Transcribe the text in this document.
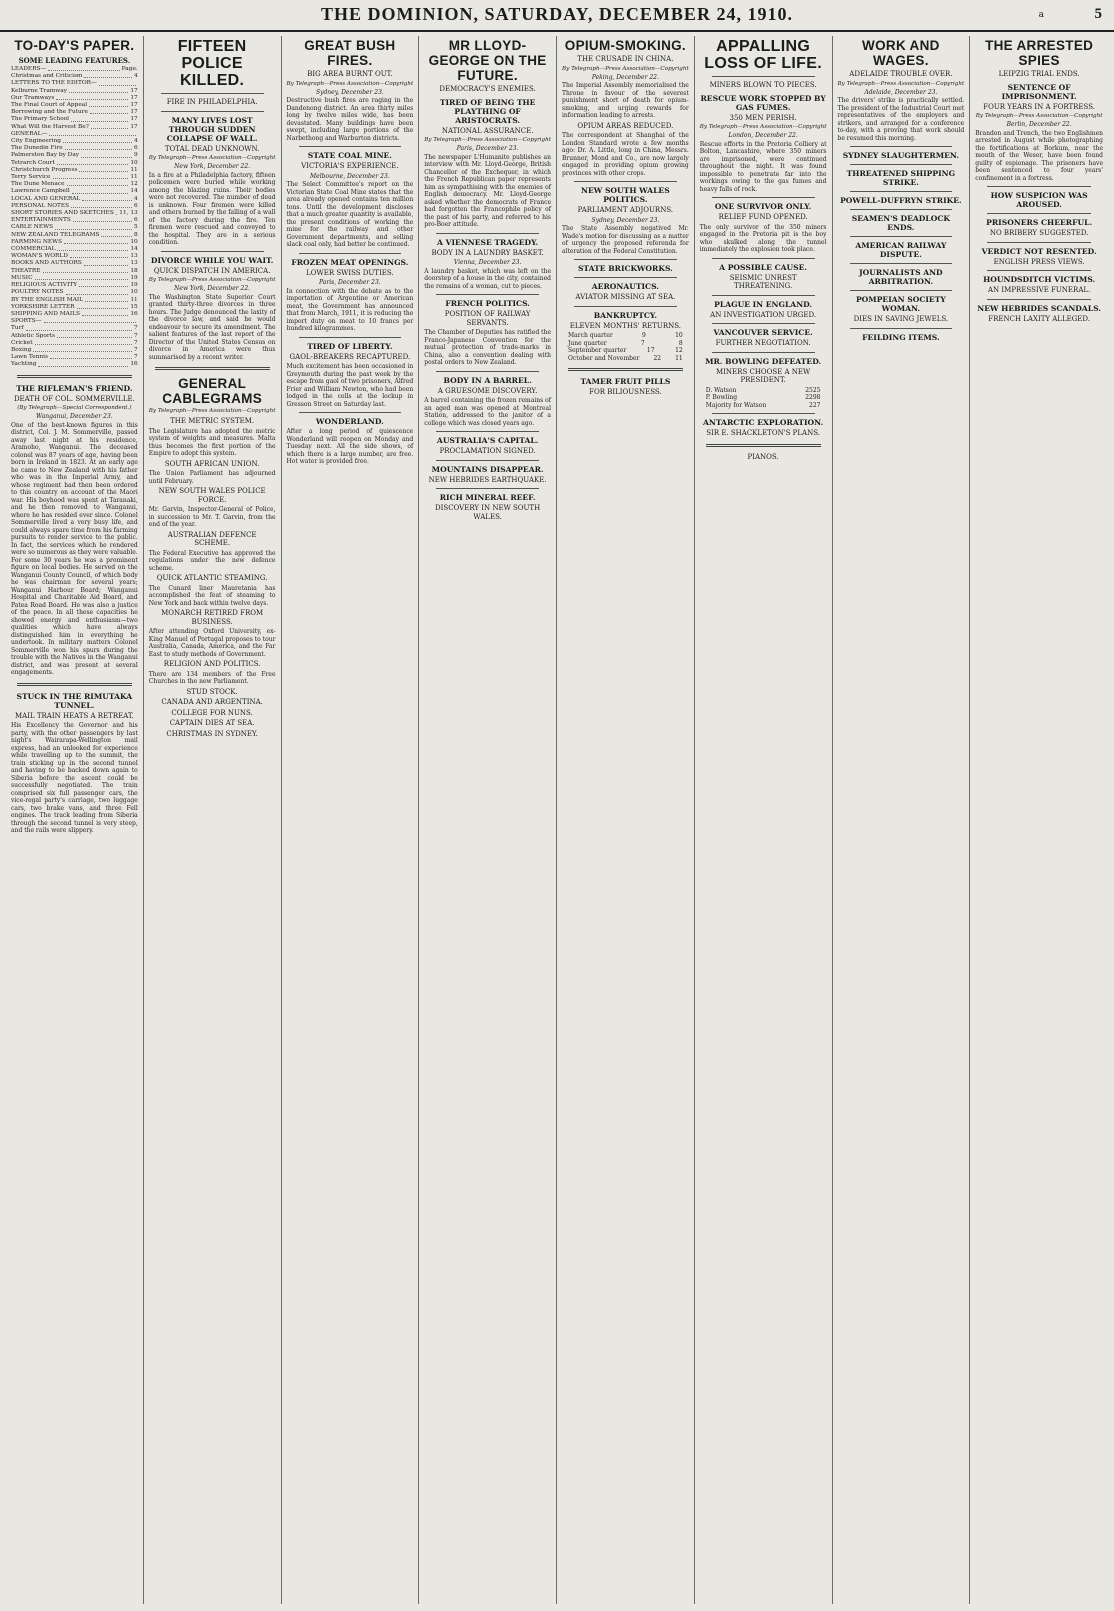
THE DOMINION, SATURDAY, DECEMBER 24, 1910.	a	5
TO-DAY'S PAPER.
SOME LEADING FEATURES.
LEADERS—	Page.
Christmas and Criticism	4
LETTERS TO THE EDITOR—
Kelburne Tramway	17
Our Tramways	17
The Final Court of Appeal	17
Borrowing and the Future	17
The Primary School	17
What Will the Harvest Be?	17
GENERAL—
City Engineering	4
The Dunedin Fire	6
Palmerston Bay by Day	9
Tetrarch Court	10
Christchurch Progress	11
Terry Service	11
The Dune Menace	12
Lawrence Campbell	14
LOCAL AND GENERAL	4
PERSONAL NOTES	6
SHORT STORIES AND SKETCHES 11, 13
ENTERTAINMENTS	6
CABLE NEWS	5
NEW ZEALAND TELEGRAMS	8
FARMING NEWS	10
COMMERCIAL	14
WOMAN'S WORLD	13
BOOKS AND AUTHORS	13
THEATRE	18
MUSIC	19
RELIGIOUS ACTIVITY	19
POULTRY NOTES	10
BY THE ENGLISH MAIL	11
YORKSHIRE LETTER	15
SHIPPING AND MAILS	16
SPORTS—
Turf	7
Athletic Sports	7
Cricket	7
Boxing	7
Lawn Tennis	7
Yachting	16
THE RIFLEMAN'S FRIEND.
DEATH OF COL. SOMMERVILLE.
(By Telegraph—Special Correspondent.)
Wanganui, December 23.

One of the best-known figures in this district, Col. J. M. Sommerville, passed away last night at his residence, Aramoho, Wanganui. The deceased colonel was 87 years of age, having been born in Ireland in 1823. At an early age he came to New Zealand with his father who was in the Imperial Army, and whose regiment had then been ordered to this country on account of the Maori war. His boyhood was spent at Taranaki, and he then removed to Wanganui, where he has resided ever since. Colonel Sommerville lived a very busy life, and could always spare time from his farming pursuits to render service to the public. In fact, the services which he rendered were so numerous as they were valuable. For some 30 years he was a prominent figure on local bodies. He served on the Wanganui County Council, of which body he was chairman for several years; Wanganui Harbour Board; Wanganui Hospital and Charitable Aid Board, and Patea Road Board. He was also a justice of the peace. In all these capacities he showed energy and enthusiasm—two qualities which have always distinguished him in everything he undertook. In military matters Colonel Sommerville won his spurs during the trouble with the Natives in the Wanganui district, and was present at several engagements.

STUCK IN THE RIMUTAKA TUNNEL.
MAIL TRAIN HEATS A RETREAT.

His Excellency the Governor and his party, with the other passengers by last night's Wairarapa-Wellington mail express, had an unlooked for experience while travelling up to the summit, the train sticking up in the second tunnel and having to be backed down again to Siberia before the ascent could be successfully negotiated. The train comprised six full passenger cars, the vice-regal party's carriage, two luggage cars, two brake vans, and three Fell engines. The track leading from Siberia through the second tunnel is very steep, and the rails were slippery.

FIFTEEN POLICE KILLED.
FIRE IN PHILADELPHIA.
MANY LIVES LOST THROUGH SUDDEN COLLAPSE OF WALL.
TOTAL DEAD UNKNOWN.
By Telegraph—Press Association—Copyright
New York, December 22.

In a fire at a Philadelphia factory, fifteen policemen were buried while working among the blazing ruins. Their bodies were not recovered. The number of dead is unknown. Four firemen were killed and others burned by the falling of a wall of the factory during the fire. Ten firemen were rescued and conveyed to the hospital. They are in a serious condition.

DIVORCE WHILE YOU WAIT.
QUICK DISPATCH IN AMERICA.
By Telegraph—Press Association—Copyright
New York, December 22.

The Washington State Superior Court granted thirty-three divorces in three hours. The Judge denounced the laxity of the divorce law, and said he would endeavour to secure its amendment. The salient features of the last report of the Director of the United States Census on divorce in America were thus summarised by a recent writer.

GENERAL CABLEGRAMS
By Telegraph—Press Association—Copyright
THE METRIC SYSTEM.

The Legislature has adopted the metric system of weights and measures. Malta thus becomes the first portion of the Empire to adopt this system.

SOUTH AFRICAN UNION.

The Union Parliament has adjourned until February.

NEW SOUTH WALES POLICE FORCE.

Mr. Garvin, Inspector-General of Police, in succession to Mr. T. Garvin, from the end of the year.

AUSTRALIAN DEFENCE SCHEME.

The Federal Executive has approved the regulations under the new defence scheme.

QUICK ATLANTIC STEAMING.

The Cunard liner Mauretania has accomplished the feat of steaming to New York and back within twelve days.

MONARCH RETIRED FROM BUSINESS.

After attending Oxford University, ex-King Manuel of Portugal proposes to tour Australia, Canada, America, and the Far East to study methods of Government.

RELIGION AND POLITICS.

There are 134 members of the Free Churches in the new Parliament.

STUD STOCK.
CANADA AND ARGENTINA.
COLLEGE FOR NUNS.
CAPTAIN DIES AT SEA.
CHRISTMAS IN SYDNEY.
GREAT BUSH FIRES.
BIG AREA BURNT OUT.
By Telegraph—Press Association—Copyright
Sydney, December 23.

Destructive bush fires are raging in the Dandenong district. An area thirty miles long by twelve miles wide, has been devastated. Many buildings have been swept, including large portions of the Narbethong and Warburton districts.

STATE COAL MINE.
VICTORIA'S EXPERIENCE.
Melbourne, December 23.

The Select Committee's report on the Victorian State Coal Mine states that the area already opened contains ten million tons. Until the development discloses that a much greater quantity is available, the present conditions of working the mine for the railway and other Government departments, and selling slack coal only, had better be continued.

FROZEN MEAT OPENINGS.
LOWER SWISS DUTIES.
Paris, December 23.

In connection with the debate as to the importation of Argentine or American meat, the Government has announced that from March, 1911, it is reducing the import duty on meat to 10 francs per hundred kilogrammes.

TIRED OF LIBERTY.
GAOL-BREAKERS RECAPTURED.

Much excitement has been occasioned in Greymouth during the past week by the escape from gaol of two prisoners, Alfred Frier and William Newton, who had been lodged in the cells at the lockup in Gresson Street on Saturday last.

WONDERLAND.

After a long period of quiescence Wonderland will reopen on Monday and Tuesday next. All the side shows, of which there is a large number, are free. Hot water is provided free.

MR LLOYD-GEORGE ON THE FUTURE.
DEMOCRACY'S ENEMIES.
TIRED OF BEING THE PLAYTHING OF ARISTOCRATS.
NATIONAL ASSURANCE.
By Telegraph—Press Association—Copyright
Paris, December 23.

The newspaper L'Humanite publishes an interview with Mr. Lloyd-George, British Chancellor of the Exchequer, in which the French Republican paper represents him as sympathising with the enemies of English democracy. Mr. Lloyd-George asked whether the democrats of France had forgotten the Francophile policy of the past of his party, and referred to his pro-Boer attitude.

A VIENNESE TRAGEDY.
BODY IN A LAUNDRY BASKET.
Vienna, December 23.

A laundry basket, which was left on the doorstep of a house in the city, contained the remains of a woman, cut to pieces.

FRENCH POLITICS.
POSITION OF RAILWAY SERVANTS.

The Chamber of Deputies has ratified the Franco-Japanese Convention for the mutual protection of trade-marks in China, also a convention dealing with postal orders to New Zealand.

BODY IN A BARREL.
A GRUESOME DISCOVERY.

A barrel containing the frozen remains of an aged man was opened at Montreal Station, addressed to the janitor of a college which was closed years ago.

AUSTRALIA'S CAPITAL.
PROCLAMATION SIGNED.
MOUNTAINS DISAPPEAR.
NEW HEBRIDES EARTHQUAKE.
RICH MINERAL REEF.
DISCOVERY IN NEW SOUTH WALES.
OPIUM-SMOKING.
THE CRUSADE IN CHINA.
By Telegraph—Press Association—Copyright
Peking, December 22.

The Imperial Assembly memorialised the Throne in favour of the severest punishment short of death for opium-smoking, and urging rewards for information leading to arrests.

OPIUM AREAS REDUCED.

The correspondent at Shanghai of the London Standard wrote a few months ago: Dr. A. Little, long in China, Messrs. Brunner, Mond and Co., are now largely engaged in providing opium growing provinces with other crops.

NEW SOUTH WALES POLITICS.
PARLIAMENT ADJOURNS.
Sydney, December 23.

The State Assembly negatived Mr. Wade's motion for discussing as a matter of urgency the proposed referenda for alteration of the Federal Constitution.

STATE BRICKWORKS.
AERONAUTICS.
AVIATOR MISSING AT SEA.
BANKRUPTCY.
ELEVEN MONTHS' RETURNS.
March quarter	9	10
June quarter	7	8
September quarter	17	12
October and November 22 11
TAMER FRUIT PILLS
FOR BILIOUSNESS.
APPALLING LOSS OF LIFE.
MINERS BLOWN TO PIECES.
RESCUE WORK STOPPED BY GAS FUMES.
350 MEN PERISH.
By Telegraph—Press Association—Copyright
London, December 22.

Rescue efforts in the Pretoria Colliery at Bolton, Lancashire, where 350 miners are imprisoned, were continued throughout the night. It was found impossible to penetrate far into the workings owing to the gas fumes and heavy falls of rock.

ONE SURVIVOR ONLY.
RELIEF FUND OPENED.

The only survivor of the 350 miners engaged in the Pretoria pit is the boy who skulked along the tunnel immediately the explosion took place.

A POSSIBLE CAUSE.
SEISMIC UNREST THREATENING.
PLAGUE IN ENGLAND.
AN INVESTIGATION URGED.
VANCOUVER SERVICE.
FURTHER NEGOTIATION.
MR. BOWLING DEFEATED.
MINERS CHOOSE A NEW PRESIDENT.
D. Watson	2525
P. Bowling	2298
Majority for Watson	227
ANTARCTIC EXPLORATION.
SIR E. SHACKLETON'S PLANS.
PIANOS.
WORK AND WAGES.
ADELAIDE TROUBLE OVER.
By Telegraph—Press Association—Copyright
Adelaide, December 23.

The drivers' strike is practically settled. The president of the Industrial Court met representatives of the employers and strikers, and arranged for a conference to-day, with a proving that work should be resumed this morning.

SYDNEY SLAUGHTERMEN.
THREATENED SHIPPING STRIKE.
POWELL-DUFFRYN STRIKE.
SEAMEN'S DEADLOCK ENDS.
AMERICAN RAILWAY DISPUTE.
JOURNALISTS AND ARBITRATION.
POMPEIAN SOCIETY WOMAN.
DIES IN SAVING JEWELS.
FEILDING ITEMS.
THE ARRESTED SPIES
LEIPZIG TRIAL ENDS.
SENTENCE OF IMPRISONMENT.
FOUR YEARS IN A FORTRESS.
By Telegraph—Press Association—Copyright
Berlin, December 22.

Brandon and Trench, the two Englishmen arrested in August while photographing the fortifications at Borkum, near the mouth of the Weser, have been found guilty of espionage. The prisoners have been sentenced to four years' confinement in a fortress.

HOW SUSPICION WAS AROUSED.
PRISONERS CHEERFUL.
NO BRIBERY SUGGESTED.
VERDICT NOT RESENTED.
ENGLISH PRESS VIEWS.
HOUNDSDITCH VICTIMS.
AN IMPRESSIVE FUNERAL.
NEW HEBRIDES SCANDALS.
FRENCH LAXITY ALLEGED.
